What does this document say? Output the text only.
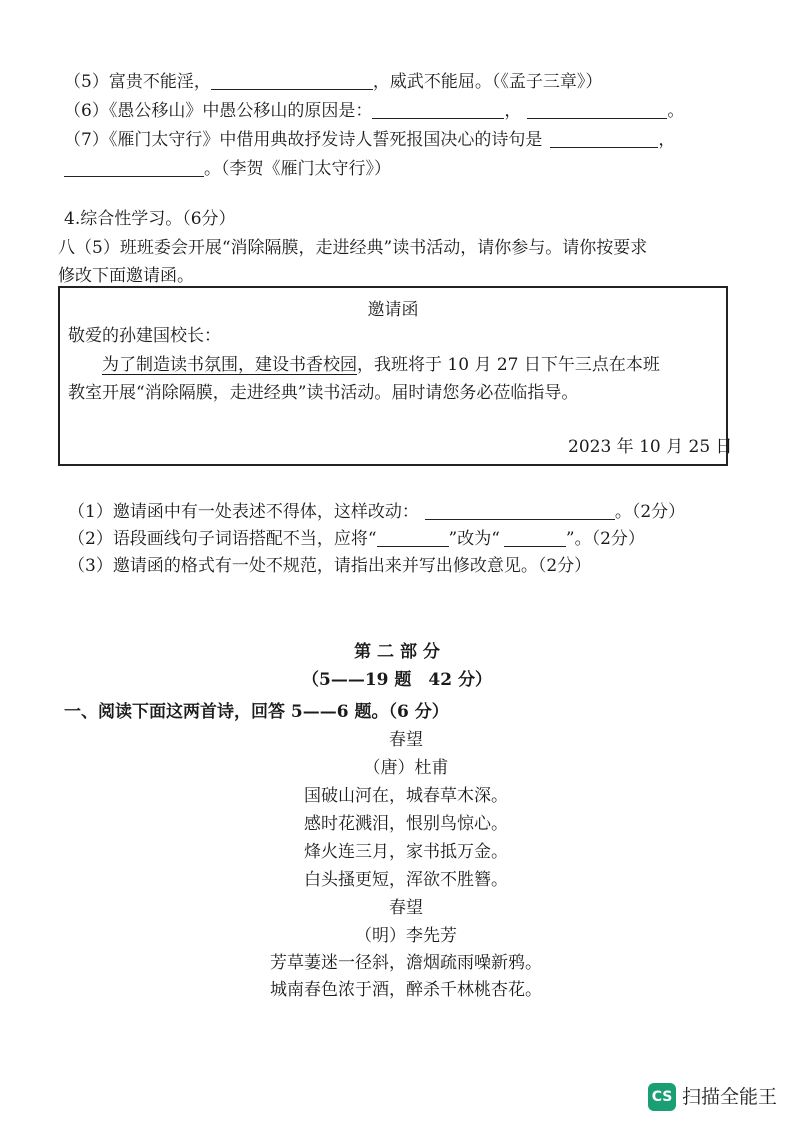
（5）富贵不能淫，	，威武不能屈。（《孟子三章》）
（6）《愚公移山》中愚公移山的原因是：	，	。
（7）《雁门太守行》中借用典故抒发诗人誓死报国决心的诗句是	，
。（李贺《雁门太守行》）
4.综合性学习。（6分）
八（5）班班委会开展“消除隔膜，走进经典”读书活动，请你参与。请你按要求
修改下面邀请函。
邀请函
敬爱的孙建国校长：
为了制造读书氛围，建设书香校园，我班将于 10 月 27 日下午三点在本班
教室开展“消除隔膜，走进经典”读书活动。届时请您务必莅临指导。
2023 年 10 月 25 日
（1）邀请函中有一处表述不得体，这样改动：	。（2分）
（2）语段画线句子词语搭配不当，应将“	”改为“	”。（2分）
（3）邀请函的格式有一处不规范，请指出来并写出修改意见。（2分）
第 二 部 分
（5——19 题　42 分）
一、阅读下面这两首诗，回答 5——6 题。（6 分）
春望
（唐）杜甫
国破山河在，城春草木深。
感时花溅泪，恨别鸟惊心。
烽火连三月，家书抵万金。
白头搔更短，浑欲不胜簪。
春望
（明）李先芳
芳草萋迷一径斜，澹烟疏雨噪新鸦。
城南春色浓于酒，醉杀千林桃杏花。
CS 扫描全能王
